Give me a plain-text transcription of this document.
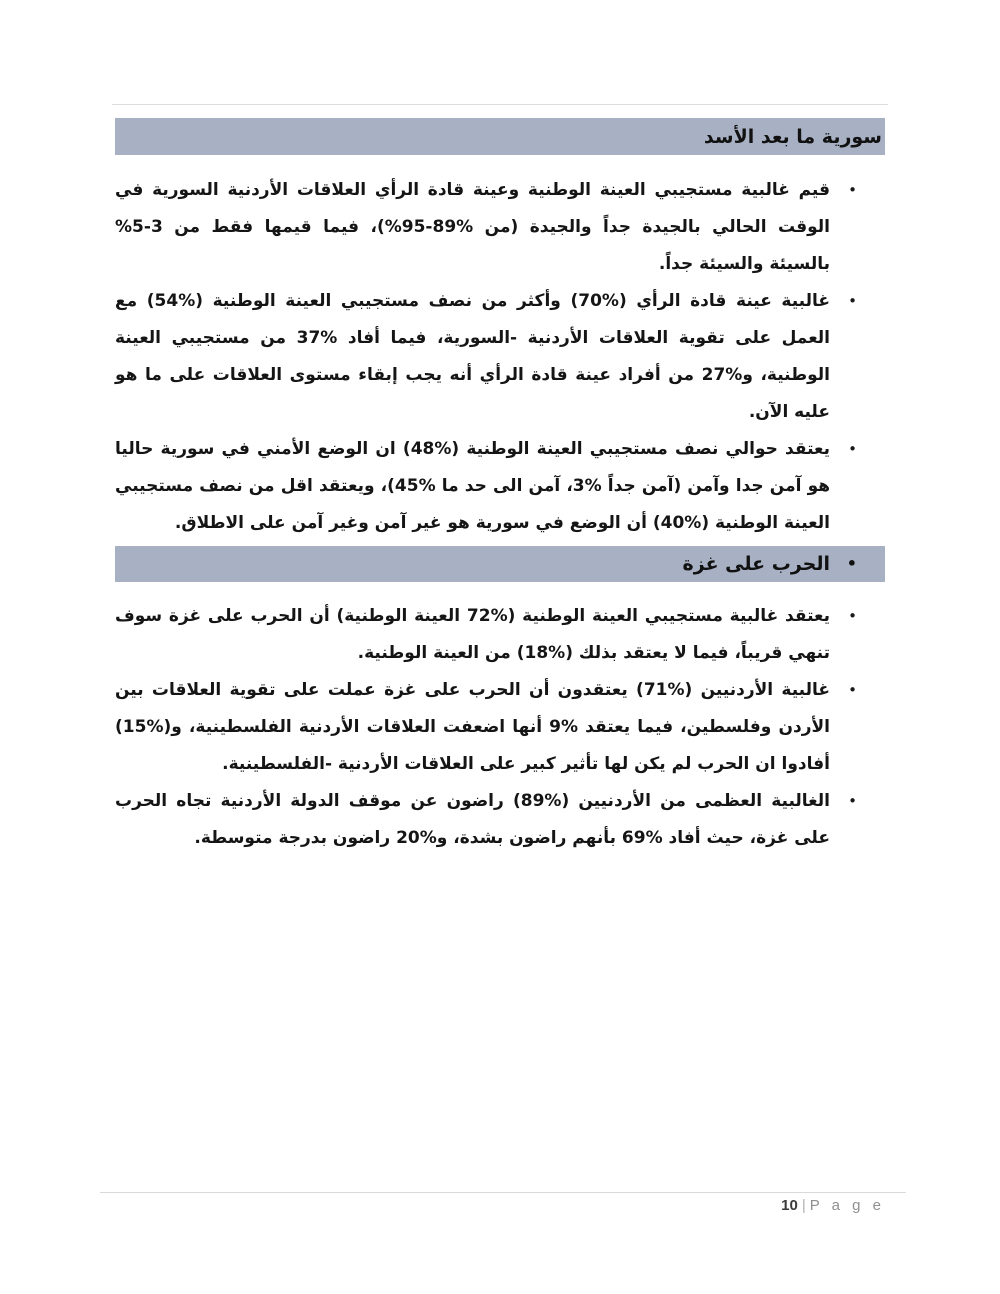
سورية ما بعد الأسد
•
قيم غالبية مستجيبي العينة الوطنية وعينة قادة الرأي العلاقات الأردنية السورية في الوقت الحالي بالجيدة جداً والجيدة (من %89‏-‏%95)، فيما قيمها فقط من 3‏-‏%5 بالسيئة والسيئة جداً.
•
غالبية عينة قادة الرأي (%70) وأكثر من نصف مستجيبي العينة الوطنية (%54) مع العمل على تقوية العلاقات الأردنية -السورية، فيما أفاد %37 من مستجيبي العينة الوطنية، و%27 من أفراد عينة قادة الرأي أنه يجب إبقاء مستوى العلاقات على ما هو عليه الآن.
•
يعتقد حوالي نصف مستجيبي العينة الوطنية (%48) ان الوضع الأمني في سورية حاليا هو آمن جدا وآمن (آمن جداً %3، آمن الى حد ما %45)، ويعتقد اقل من نصف مستجيبي العينة الوطنية (%40) أن الوضع في سورية هو غير آمن وغير آمن على الاطلاق.
•
الحرب على غزة
•
يعتقد غالبية مستجيبي العينة الوطنية (%72 العينة الوطنية) أن الحرب على غزة سوف تنهي قريباً، فيما لا يعتقد بذلك (%18) من العينة الوطنية.
•
غالبية الأردنيين (%71) يعتقدون أن الحرب على غزة عملت على تقوية العلاقات بين الأردن وفلسطين، فيما يعتقد %9 أنها اضعفت العلاقات الأردنية الفلسطينية، و(%15) أفادوا ان الحرب لم يكن لها تأثير كبير على العلاقات الأردنية -الفلسطينية.
•
الغالبية العظمى من الأردنيين (%89) راضون عن موقف الدولة الأردنية تجاه الحرب على غزة، حيث أفاد %69 بأنهم راضون بشدة، و%20 راضون بدرجة متوسطة.
10 | P a g e
